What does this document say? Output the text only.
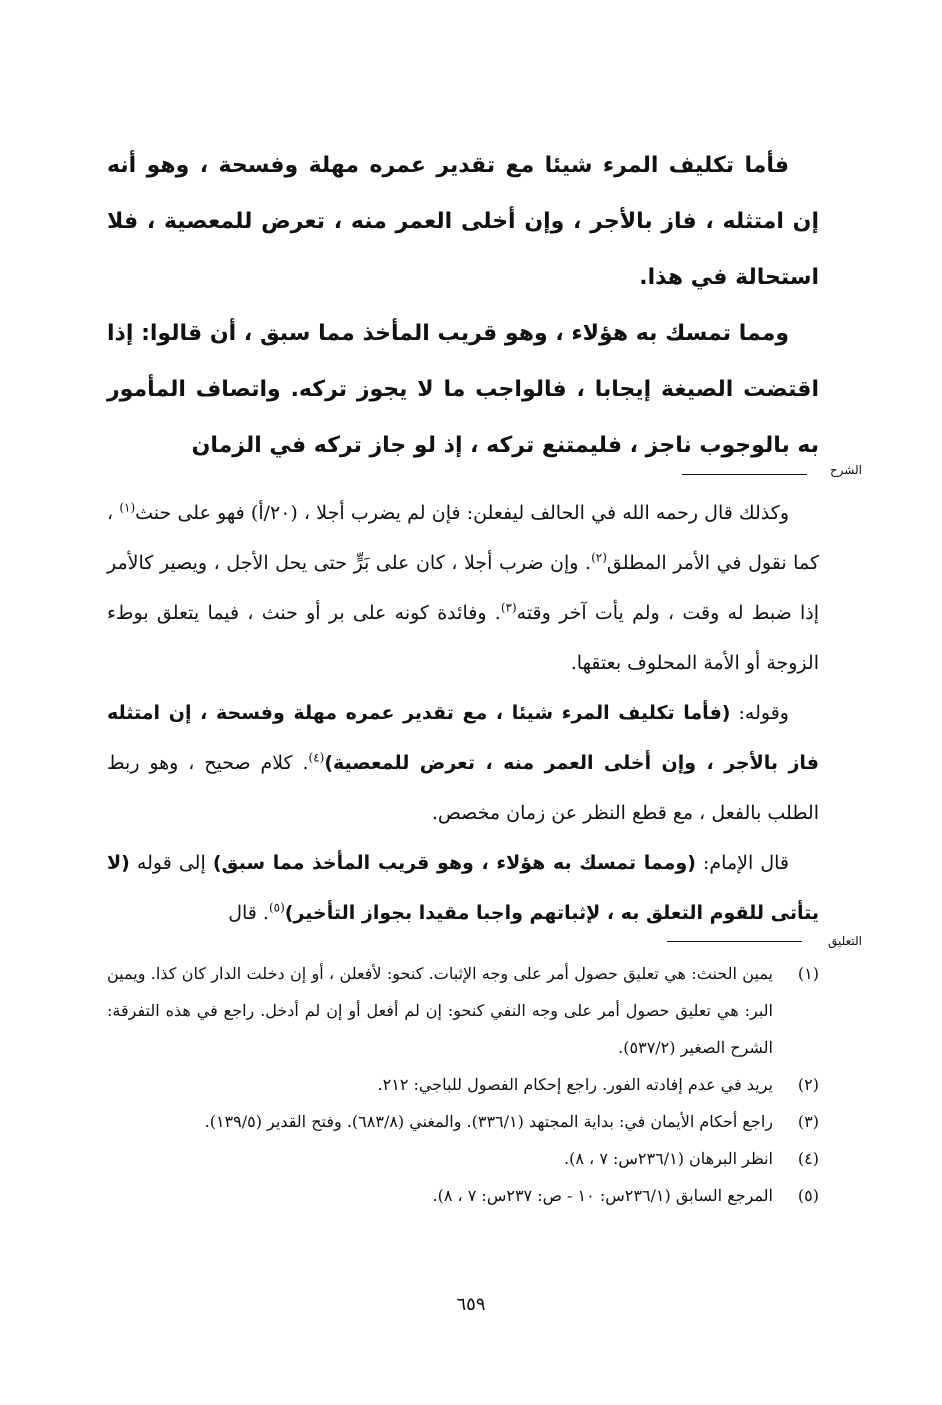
فأما تكليف المرء شيئا مع تقدير عمره مهلة وفسحة ، وهو أنه إن امتثله ، فاز بالأجر ، وإن أخلى العمر منه ، تعرض للمعصية ، فلا استحالة في هذا.

ومما تمسك به هؤلاء ، وهو قريب المأخذ مما سبق ، أن قالوا: إذا اقتضت الصيغة إيجابا ، فالواجب ما لا يجوز تركه. واتصاف المأمور به بالوجوب ناجز ، فليمتنع تركه ، إذ لو جاز تركه في الزمان

الشرح

وكذلك قال رحمه الله في الحالف ليفعلن: فإن لم يضرب أجلا ، (٢٠/أ) فهو على حنث$^{(١)}$ ، كما نقول في الأمر المطلق$^{(٢)}$. وإن ضرب أجلا ، كان على بَرٍّ حتى يحل الأجل ، ويصير كالأمر إذا ضبط له وقت ، ولم يأت آخر وقته$^{(٣)}$. وفائدة كونه على بر أو حنث ، فيما يتعلق بوطء الزوجة أو الأمة المحلوف بعتقها.

وقوله: (فأما تكليف المرء شيئا ، مع تقدير عمره مهلة وفسحة ، إن امتثله فاز بالأجر ، وإن أخلى العمر منه ، تعرض للمعصية)$^{(٤)}$. كلام صحيح ، وهو ربط الطلب بالفعل ، مع قطع النظر عن زمان مخصص.

قال الإمام: (ومما تمسك به هؤلاء ، وهو قريب المأخذ مما سبق) إلى قوله (لا يتأتى للقوم التعلق به ، لإثباتهم واجبا مقيدا بجواز التأخير)$^{(٥)}$. قال

التعليق
(١)
يمين الحنث: هي تعليق حصول أمر على وجه الإثبات. كنحو: لأفعلن ، أو إن دخلت الدار كان كذا. ويمين البر: هي تعليق حصول أمر على وجه النفي كنحو: إن لم أفعل أو إن لم أدخل. راجع في هذه التفرقة: الشرح الصغير (٥٣٧/٢).
(٢)
يريد في عدم إفادته الفور. راجع إحكام الفصول للباجي: ٢١٢.
(٣)
راجع أحكام الأيمان في: بداية المجتهد (٣٣٦/١). والمغني (٦٨٣/٨). وفتح القدير (١٣٩/٥).
(٤)
انظر البرهان (٢٣٦/١س: ٧ ، ٨).
(٥)
المرجع السابق (٢٣٦/١س: ١٠ - ص: ٢٣٧س: ٧ ، ٨).
٦٥٩
